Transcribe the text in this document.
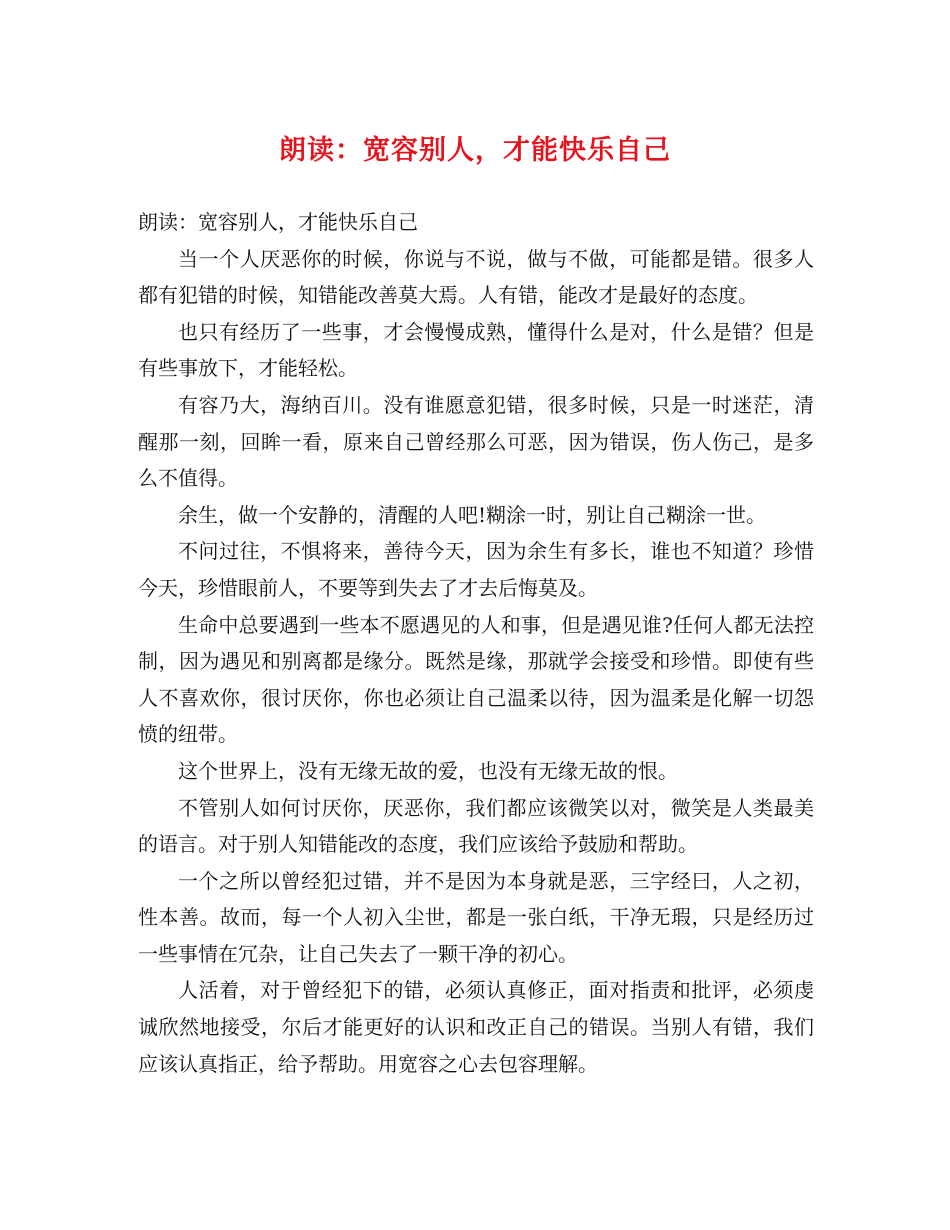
朗读：宽容别人，才能快乐自己

朗读：宽容别人，才能快乐自己

当一个人厌恶你的时候，你说与不说，做与不做，可能都是错。很多人都有犯错的时候，知错能改善莫大焉。人有错，能改才是最好的态度。

也只有经历了一些事，才会慢慢成熟，懂得什么是对，什么是错？但是有些事放下，才能轻松。

有容乃大，海纳百川。没有谁愿意犯错，很多时候，只是一时迷茫，清醒那一刻，回眸一看，原来自己曾经那么可恶，因为错误，伤人伤己，是多么不值得。

余生，做一个安静的，清醒的人吧!糊涂一时，别让自己糊涂一世。

不问过往，不惧将来，善待今天，因为余生有多长，谁也不知道？珍惜今天，珍惜眼前人，不要等到失去了才去后悔莫及。

生命中总要遇到一些本不愿遇见的人和事，但是遇见谁?任何人都无法控制，因为遇见和别离都是缘分。既然是缘，那就学会接受和珍惜。即使有些人不喜欢你，很讨厌你，你也必须让自己温柔以待，因为温柔是化解一切怨愤的纽带。

这个世界上，没有无缘无故的爱，也没有无缘无故的恨。

不管别人如何讨厌你，厌恶你，我们都应该微笑以对，微笑是人类最美的语言。对于别人知错能改的态度，我们应该给予鼓励和帮助。

一个之所以曾经犯过错，并不是因为本身就是恶，三字经曰，人之初，性本善。故而，每一个人初入尘世，都是一张白纸，干净无瑕，只是经历过一些事情在冗杂，让自己失去了一颗干净的初心。

人活着，对于曾经犯下的错，必须认真修正，面对指责和批评，必须虔诚欣然地接受，尔后才能更好的认识和改正自己的错误。当别人有错，我们应该认真指正，给予帮助。用宽容之心去包容理解。
